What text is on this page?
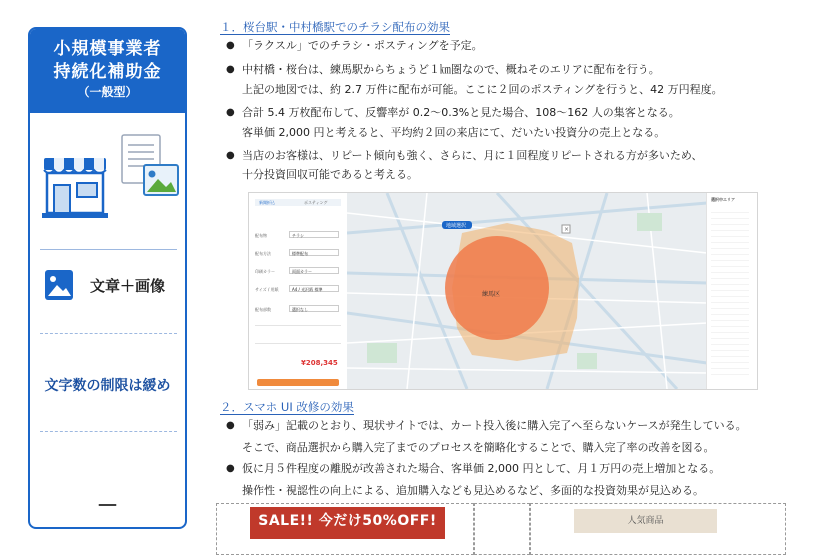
小規模事業者
持続化補助金
（一般型）
文章＋画像
文字数の制限は緩め
－
１．桜台駅・中村橋駅でのチラシ配布の効果
● 「ラクスル」でのチラシ・ポスティングを予定。
● 中村橋・桜台は、練馬駅からちょうど１㎞圏なので、概ねそのエリアに配布を行う。
上記の地図では、約 2.7 万件に配布が可能。ここに２回のポスティングを行うと、42 万円程度。
● 合計 5.4 万枚配布して、反響率が 0.2～0.3%と見た場合、108～162 人の集客となる。
客単価 2,000 円と考えると、平均約２回の来店にて、だいたい投資分の売上となる。
● 当店のお客様は、リピート傾向も強く、さらに、月に１回程度リピートされる方が多いため、
十分投資回収可能であると考える。
新聞折込	ポスティング
配布物	チラシ
配布方法	標準配布
印刷カラー	両面カラー
サイズ / 用紙	A4 / 光沢紙 標準
配布部数	選択なし
¥208,345
地域選択
練馬区
×
選択中エリア
２．スマホ UI 改修の効果
● 「弱み」記載のとおり、現状サイトでは、カート投入後に購入完了へ至らないケースが発生している。
そこで、商品選択から購入完了までのプロセスを簡略化することで、購入完了率の改善を図る。
● 仮に月５件程度の離脱が改善された場合、客単価 2,000 円として、月１万円の売上増加となる。
操作性・視認性の向上による、追加購入なども見込めるなど、多面的な投資効果が見込める。
SALE!! 今だけ50%OFF!	人気商品
